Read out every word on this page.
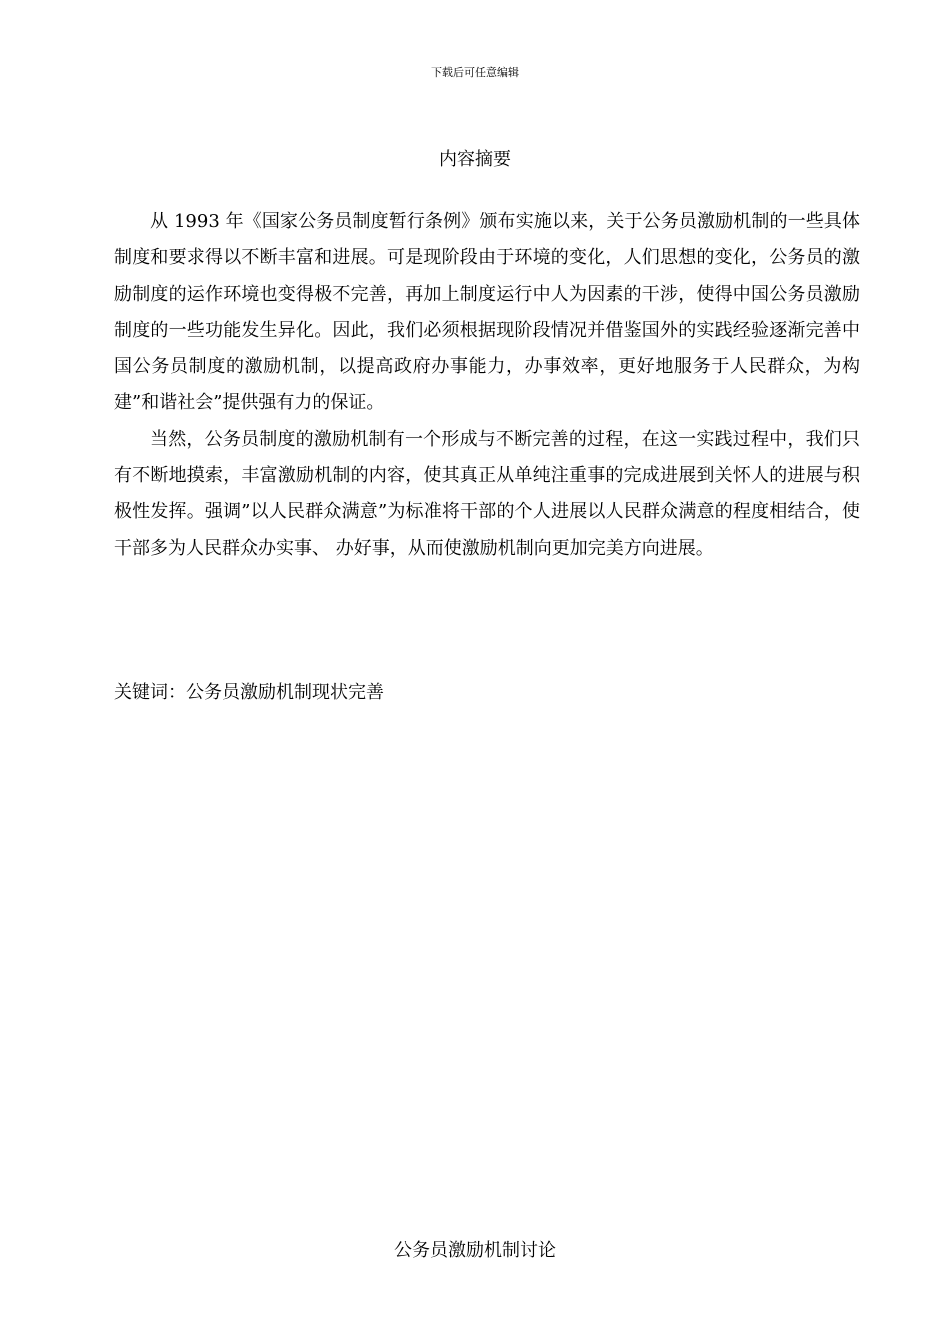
下载后可任意编辑
内容摘要

从 1993 年《国家公务员制度暂行条例》颁布实施以来，关于公务员激励机制的一些具体制度和要求得以不断丰富和进展。可是现阶段由于环境的变化，人们思想的变化，公务员的激励制度的运作环境也变得极不完善，再加上制度运行中人为因素的干涉，使得中国公务员激励制度的一些功能发生异化。因此，我们必须根据现阶段情况并借鉴国外的实践经验逐渐完善中国公务员制度的激励机制，以提高政府办事能力，办事效率，更好地服务于人民群众，为构建”和谐社会”提供强有力的保证。

当然，公务员制度的激励机制有一个形成与不断完善的过程，在这一实践过程中，我们只有不断地摸索，丰富激励机制的内容，使其真正从单纯注重事的完成进展到关怀人的进展与积极性发挥。强调”以人民群众满意”为标准将干部的个人进展以人民群众满意的程度相结合，使干部多为人民群众办实事、 办好事，从而使激励机制向更加完美方向进展。

关键词：公务员激励机制现状完善
公务员激励机制讨论
